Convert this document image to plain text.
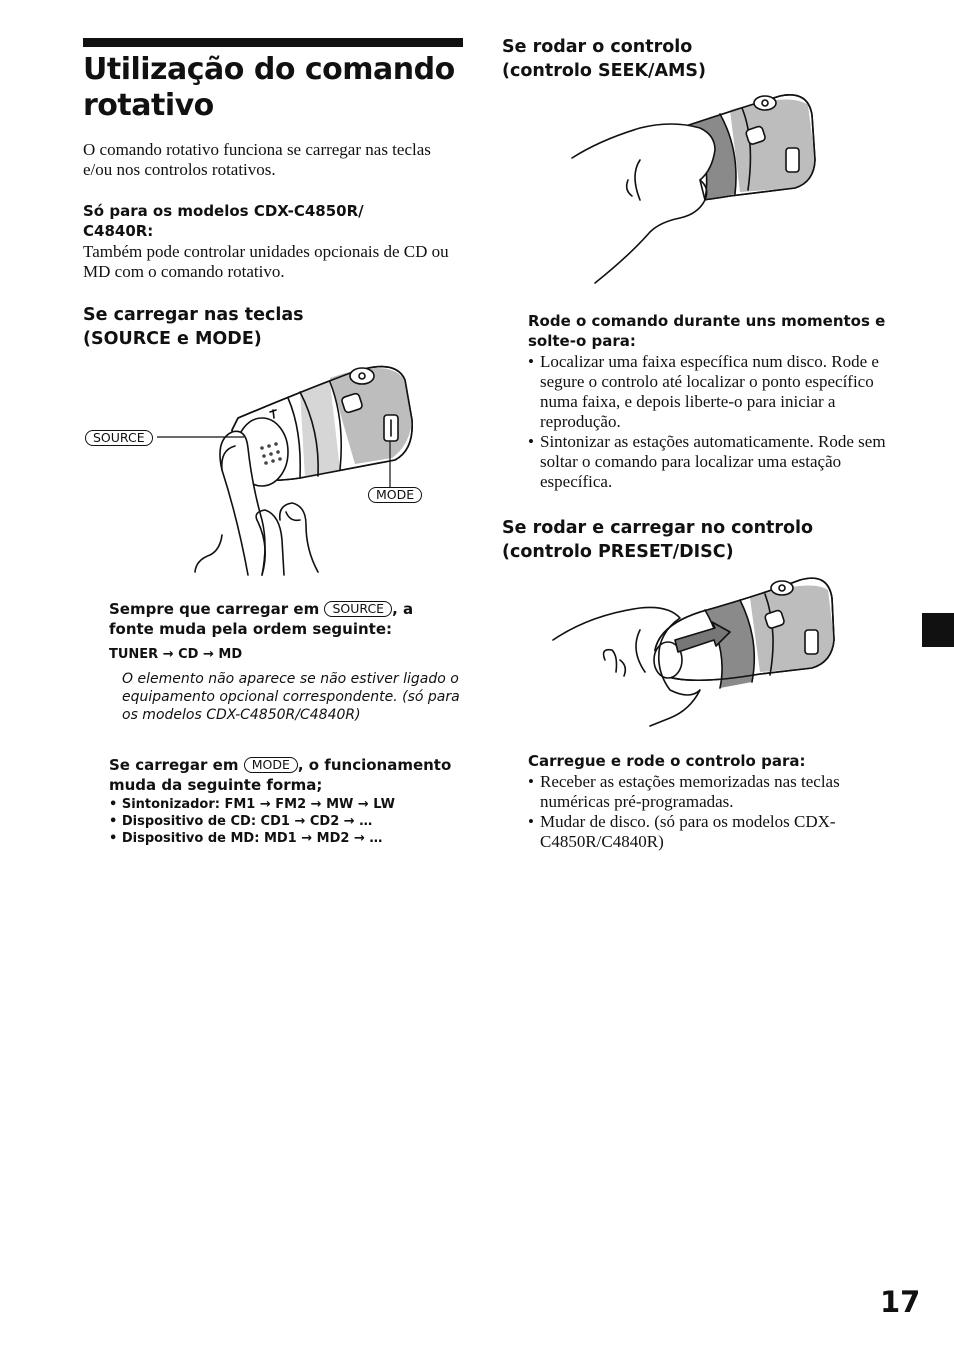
Utilização do comando rotativo
O comando rotativo funciona se carregar nas teclas e/ou nos controlos rotativos.
Só para os modelos CDX-C4850R/ C4840R:
Também pode controlar unidades opcionais de CD ou MD com o comando rotativo.
Se carregar nas teclas
(SOURCE e MODE)
SOURCE
MODE
Sempre que carregar em SOURCE , a fonte muda pela ordem seguinte:
TUNER → CD → MD
O elemento não aparece se não estiver ligado o equipamento opcional correspondente. (só para os modelos CDX-C4850R/C4840R)
Se carregar em MODE , o funcionamento muda da seguinte forma;
• Sintonizador: FM1 → FM2 → MW → LW
• Dispositivo de CD: CD1 → CD2 → …
• Dispositivo de MD: MD1 → MD2 → …
Se rodar o controlo
(controlo SEEK/AMS)
Rode o comando durante uns momentos e solte-o para:
• Localizar uma faixa específica num disco. Rode e segure o controlo até localizar o ponto específico numa faixa, e depois liberte-o para iniciar a reprodução.
• Sintonizar as estações automaticamente. Rode sem soltar o comando para localizar uma estação específica.
Se rodar e carregar no controlo
(controlo PRESET/DISC)
Carregue e rode o controlo para:
• Receber as estações memorizadas nas teclas numéricas pré-programadas.
• Mudar de disco. (só para os modelos CDX-C4850R/C4840R)
17
